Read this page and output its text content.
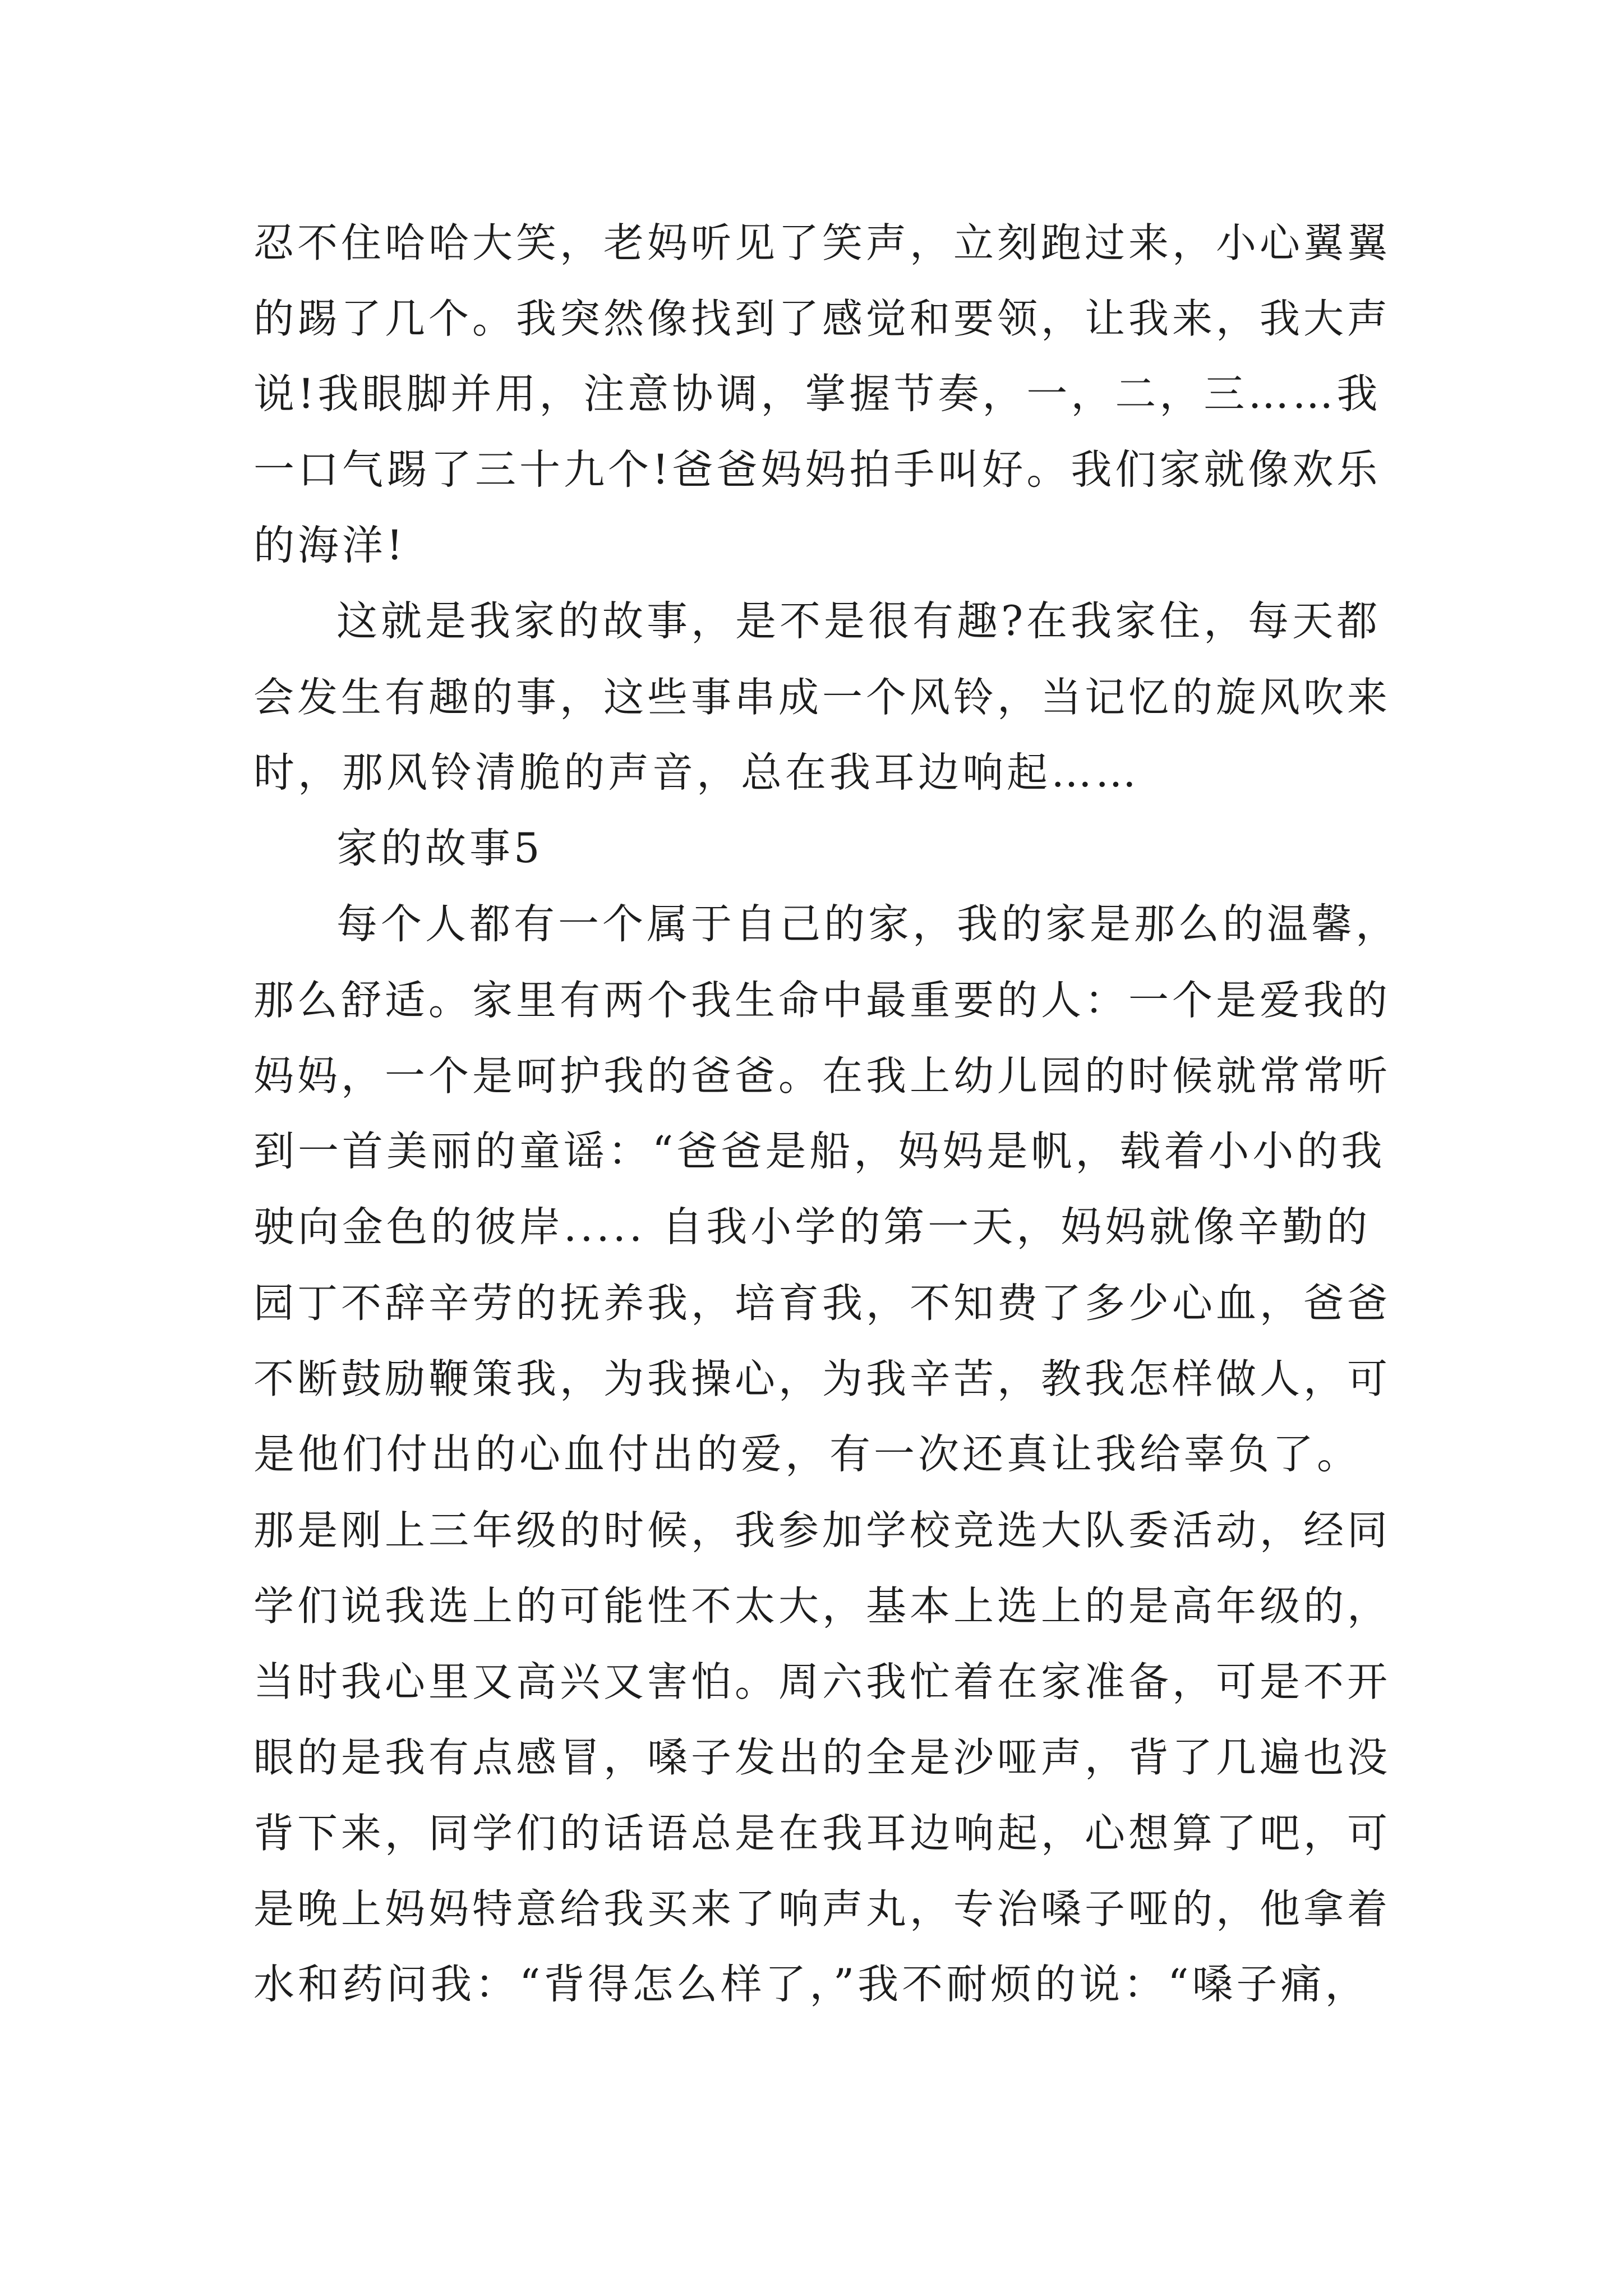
忍不住哈哈大笑，老妈听见了笑声，立刻跑过来，小心翼翼
的踢了几个。我突然像找到了感觉和要领，让我来，我大声
说!我眼脚并用，注意协调，掌握节奏，一，二，三……我
一口气踢了三十九个!爸爸妈妈拍手叫好。我们家就像欢乐
的海洋!
这就是我家的故事，是不是很有趣?在我家住，每天都
会发生有趣的事，这些事串成一个风铃，当记忆的旋风吹来
时，那风铃清脆的声音，总在我耳边响起……
家的故事5
每个人都有一个属于自己的家，我的家是那么的温馨，
那么舒适。家里有两个我生命中最重要的人：一个是爱我的
妈妈，一个是呵护我的爸爸。在我上幼儿园的时候就常常听
到一首美丽的童谣：“爸爸是船，妈妈是帆，载着小小的我
驶向金色的彼岸..... 自我小学的第一天，妈妈就像辛勤的
园丁不辞辛劳的抚养我，培育我，不知费了多少心血，爸爸
不断鼓励鞭策我，为我操心，为我辛苦，教我怎样做人，可
是他们付出的心血付出的爱，有一次还真让我给辜负了。
那是刚上三年级的时候，我参加学校竞选大队委活动，经同
学们说我选上的可能性不太大，基本上选上的是高年级的，
当时我心里又高兴又害怕。周六我忙着在家准备，可是不开
眼的是我有点感冒，嗓子发出的全是沙哑声，背了几遍也没
背下来，同学们的话语总是在我耳边响起，心想算了吧，可
是晚上妈妈特意给我买来了响声丸，专治嗓子哑的，他拿着
水和药问我：“背得怎么样了，”我不耐烦的说：“嗓子痛，
